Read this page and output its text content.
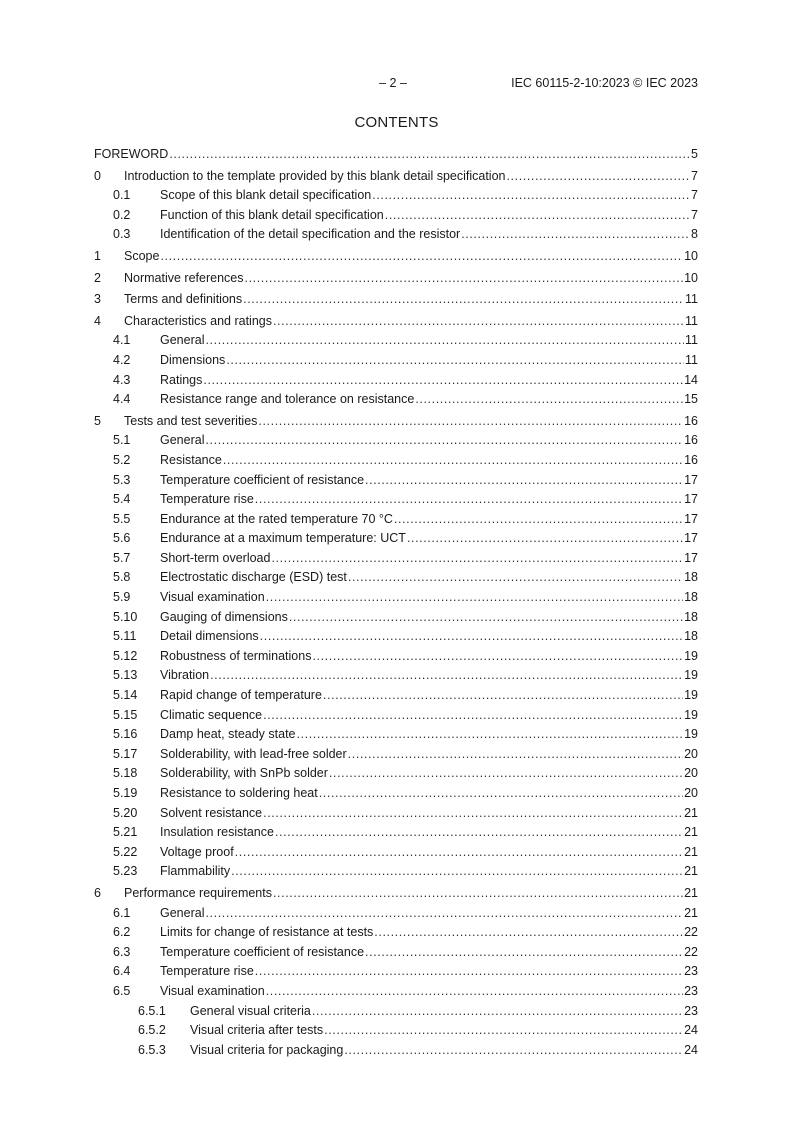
– 2 –	IEC 60115-2-10:2023 © IEC 2023
CONTENTS
FOREWORD .....	5
0	Introduction to the template provided by this blank detail specification .....	7
0.1	Scope of this blank detail specification .....	7
0.2	Function of this blank detail specification .....	7
0.3	Identification of the detail specification and the resistor .....	8
1	Scope .....	10
2	Normative references .....	10
3	Terms and definitions .....	11
4	Characteristics and ratings .....	11
4.1	General .....	11
4.2	Dimensions .....	11
4.3	Ratings .....	14
4.4	Resistance range and tolerance on resistance .....	15
5	Tests and test severities .....	16
5.1	General .....	16
5.2	Resistance .....	16
5.3	Temperature coefficient of resistance .....	17
5.4	Temperature rise .....	17
5.5	Endurance at the rated temperature 70 °C .....	17
5.6	Endurance at a maximum temperature: UCT .....	17
5.7	Short-term overload .....	17
5.8	Electrostatic discharge (ESD) test .....	18
5.9	Visual examination .....	18
5.10	Gauging of dimensions .....	18
5.11	Detail dimensions .....	18
5.12	Robustness of terminations .....	19
5.13	Vibration .....	19
5.14	Rapid change of temperature .....	19
5.15	Climatic sequence .....	19
5.16	Damp heat, steady state .....	19
5.17	Solderability, with lead-free solder .....	20
5.18	Solderability, with SnPb solder .....	20
5.19	Resistance to soldering heat .....	20
5.20	Solvent resistance .....	21
5.21	Insulation resistance .....	21
5.22	Voltage proof .....	21
5.23	Flammability .....	21
6	Performance requirements .....	21
6.1	General .....	21
6.2	Limits for change of resistance at tests .....	22
6.3	Temperature coefficient of resistance .....	22
6.4	Temperature rise .....	23
6.5	Visual examination .....	23
6.5.1	General visual criteria .....	23
6.5.2	Visual criteria after tests .....	24
6.5.3	Visual criteria for packaging .....	24
